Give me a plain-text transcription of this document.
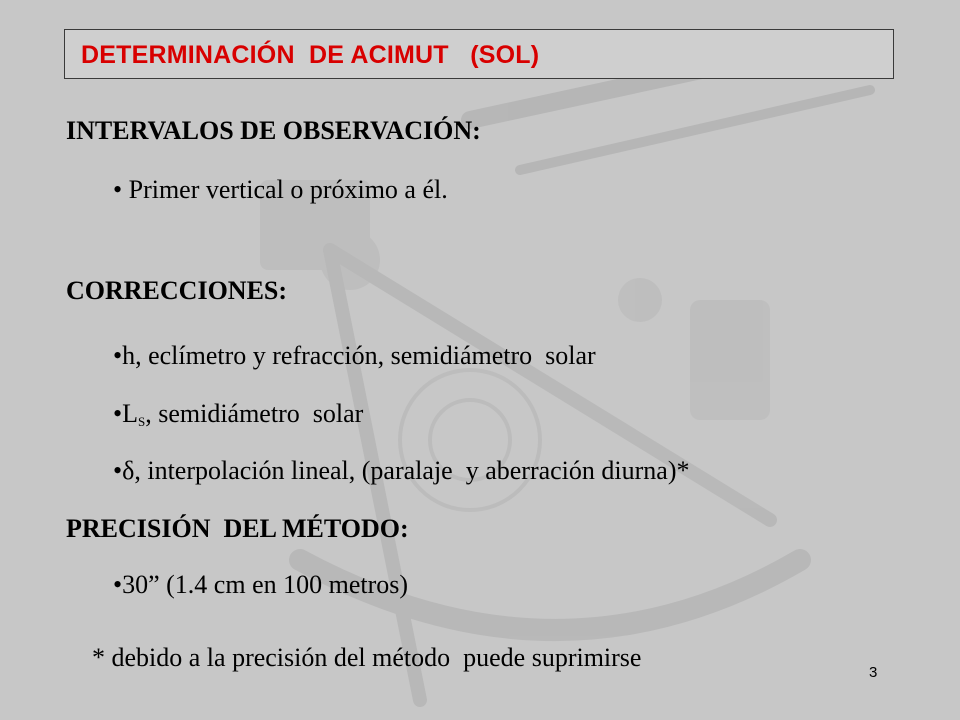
DETERMINACIÓN  DE ACIMUT   (SOL)
INTERVALOS DE OBSERVACIÓN:
• Primer vertical o próximo a él.
CORRECCIONES:
•h, eclímetro y refracción, semidiámetro  solar
$•L_S$, semidiámetro  solar
•δ, interpolación lineal, (paralaje  y aberración diurna)*
PRECISIÓN  DEL MÉTODO:
•30” (1.4 cm en 100 metros)
* debido a la precisión del método  puede suprimirse
3
